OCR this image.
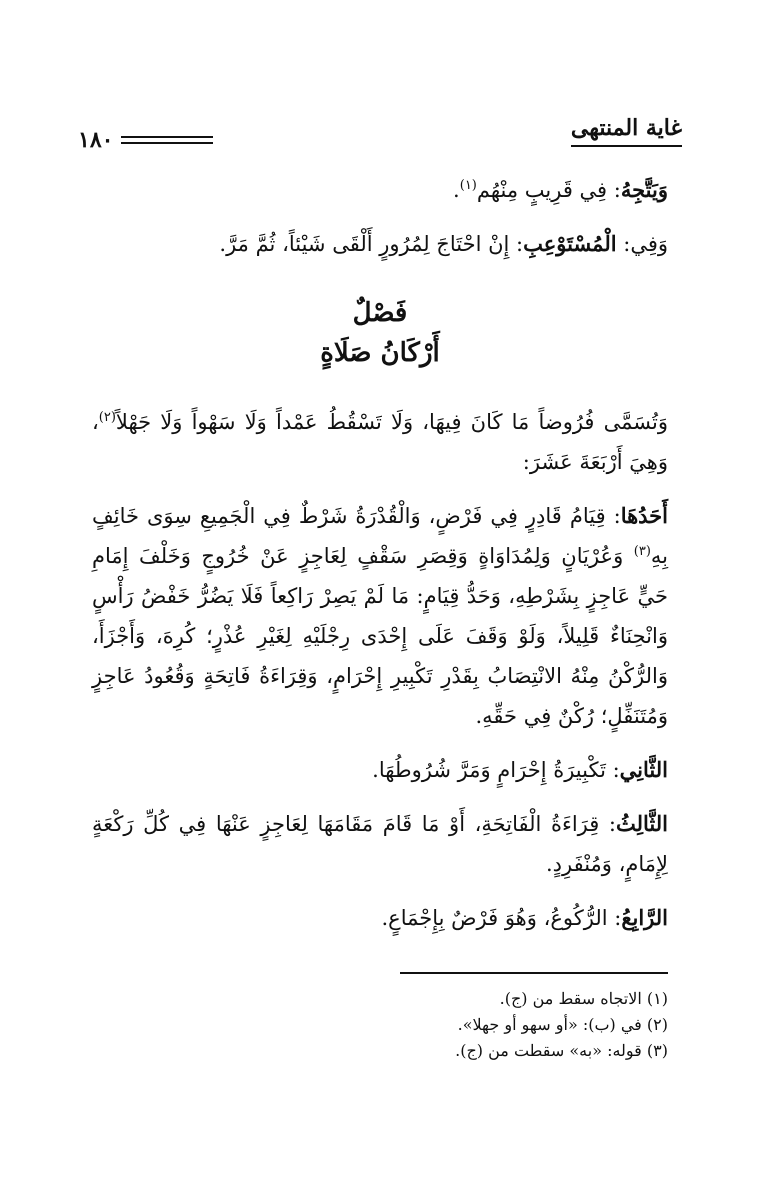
غاية المنتهى
١٨٠

وَيَتَّجِهُ: فِي قَرِيبٍ مِنْهُم$^{(١)}$.

وَفِي: الْمُسْتَوْعِبِ: إِنْ احْتَاجَ لِمُرُورٍ أَلْقَى شَيْئاً، ثُمَّ مَرَّ.

فَصْلٌ

أَرْكَانُ صَلَاةٍ

وَتُسَمَّى فُرُوضاً مَا كَانَ فِيهَا، وَلَا تَسْقُطُ عَمْداً وَلَا سَهْواً وَلَا جَهْلاً$^{(٢)}$، وَهِيَ أَرْبَعَةَ عَشَرَ:

أَحَدُهَا: قِيَامُ قَادِرٍ فِي فَرْضٍ، وَالْقُدْرَةُ شَرْطٌ فِي الْجَمِيعِ سِوَى خَائِفٍ بِهِ$^{(٣)}$ وَعُرْيَانٍ وَلِمُدَاوَاةٍ وَقِصَرِ سَقْفٍ لِعَاجِزٍ عَنْ خُرُوجٍ وَخَلْفَ إِمَامِ حَيٍّ عَاجِزٍ بِشَرْطِهِ، وَحَدُّ قِيَامٍ: مَا لَمْ يَصِرْ رَاكِعاً فَلَا يَضُرُّ خَفْضُ رَأْسٍ وَانْحِنَاءٌ قَلِيلاً، وَلَوْ وَقَفَ عَلَى إِحْدَى رِجْلَيْهِ لِغَيْرِ عُذْرٍ؛ كُرِهَ، وَأَجْزَأَ، وَالرُّكْنُ مِنْهُ الانْتِصَابُ بِقَدْرِ تَكْبِيرِ إِحْرَامٍ، وَقِرَاءَةُ فَاتِحَةٍ وَقُعُودُ عَاجِزٍ وَمُتَنَفِّلٍ؛ رُكْنٌ فِي حَقِّهِ.

الثَّانِي: تَكْبِيرَةُ إِحْرَامٍ وَمَرَّ شُرُوطُهَا.

الثَّالِثُ: قِرَاءَةُ الْفَاتِحَةِ، أَوْ مَا قَامَ مَقَامَهَا لِعَاجِزٍ عَنْهَا فِي كُلِّ رَكْعَةٍ لِإِمَامٍ، وَمُنْفَرِدٍ.

الرَّابِعُ: الرُّكُوعُ، وَهُوَ فَرْضٌ بِإِجْمَاعٍ.

(١) الاتجاه سقط من (ج).
(٢) في (ب): «أو سهو أو جهلا».
(٣) قوله: «به» سقطت من (ج).
